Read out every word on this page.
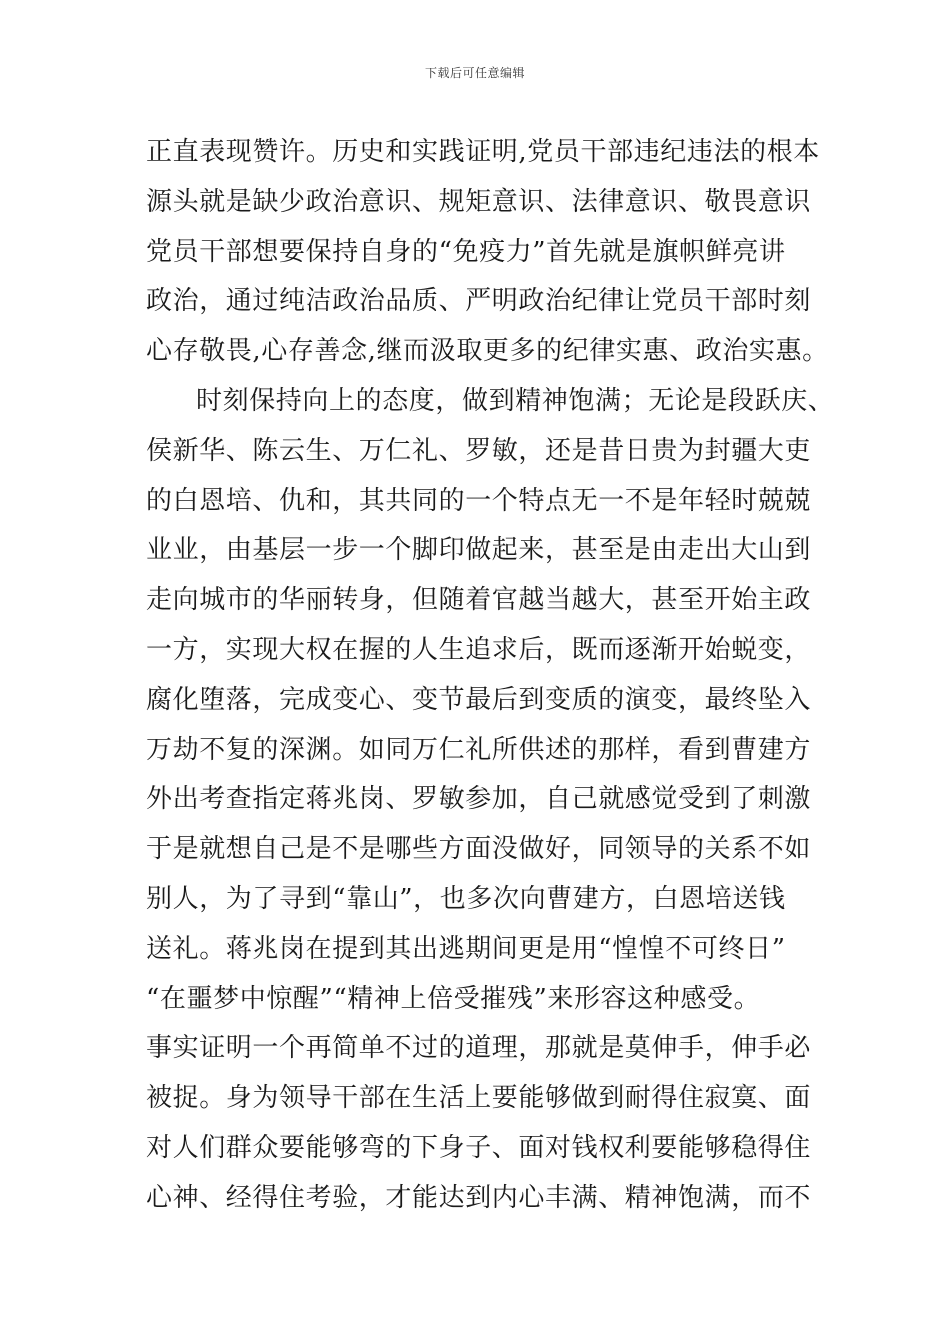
下载后可任意编辑
正直表现赞许。历史和实践证明,党员干部违纪违法的根本
源头就是缺少政治意识、规矩意识、法律意识、敬畏意识
党员干部想要保持自身的“免疫力”首先就是旗帜鲜亮讲
政治，通过纯洁政治品质、严明政治纪律让党员干部时刻
心存敬畏,心存善念,继而汲取更多的纪律实惠、政治实惠。
时刻保持向上的态度，做到精神饱满；无论是段跃庆、
侯新华、陈云生、万仁礼、罗敏，还是昔日贵为封疆大吏
的白恩培、仇和，其共同的一个特点无一不是年轻时兢兢
业业，由基层一步一个脚印做起来，甚至是由走出大山到
走向城市的华丽转身，但随着官越当越大，甚至开始主政
一方，实现大权在握的人生追求后，既而逐渐开始蜕变，
腐化堕落，完成变心、变节最后到变质的演变，最终坠入
万劫不复的深渊。如同万仁礼所供述的那样，看到曹建方
外出考查指定蒋兆岗、罗敏参加，自己就感觉受到了刺激
于是就想自己是不是哪些方面没做好，同领导的关系不如
别人，为了寻到“靠山”，也多次向曹建方，白恩培送钱
送礼。蒋兆岗在提到其出逃期间更是用“惶惶不可终日”
“在噩梦中惊醒”“精神上倍受摧残”来形容这种感受。
事实证明一个再简单不过的道理，那就是莫伸手，伸手必
被捉。身为领导干部在生活上要能够做到耐得住寂寞、面
对人们群众要能够弯的下身子、面对钱权利要能够稳得住
心神、经得住考验，才能达到内心丰满、精神饱满，而不
